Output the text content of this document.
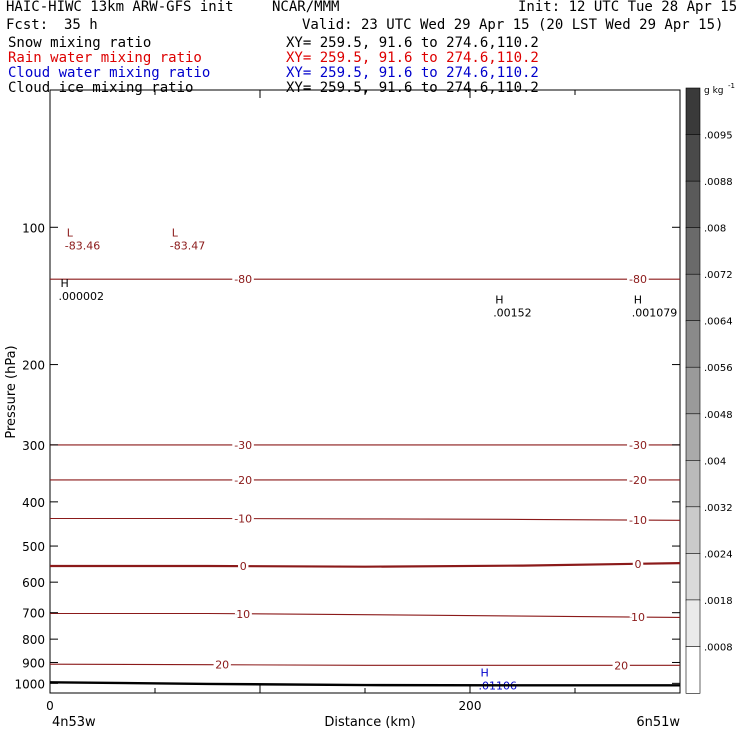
HAIC-HIWC 13km ARW-GFS init	NCAR/MMM	Init: 12 UTC Tue 28 Apr 15
Fcst: 35 h	Valid: 23 UTC Wed 29 Apr 15 (20 LST Wed 29 Apr 15)
Snow mixing ratio	XY= 259.5, 91.6 to 274.6,110.2
Rain water mixing ratio	XY= 259.5, 91.6 to 274.6,110.2
Cloud water mixing ratio	XY= 259.5, 91.6 to 274.6,110.2
Cloud ice mixing ratio	XY= 259.5, 91.6 to 274.6,110.2
-80	-80
-30	-30
-20	-20
-10	-10
0	0
10	10
20	20
L
-83.46
L
-83.47
H
.000002	H
.00152
H
.001079
H
.01106
100
200
300
400
500
600
700
800
900
1000
0	200
.0095
.0088
.008
.0072
.0064
.0056
.0048
.004
.0032
.0024
.0018
.0008
g kg -1
Pressure (hPa)
Distance (km)
4n53w	6n51w
